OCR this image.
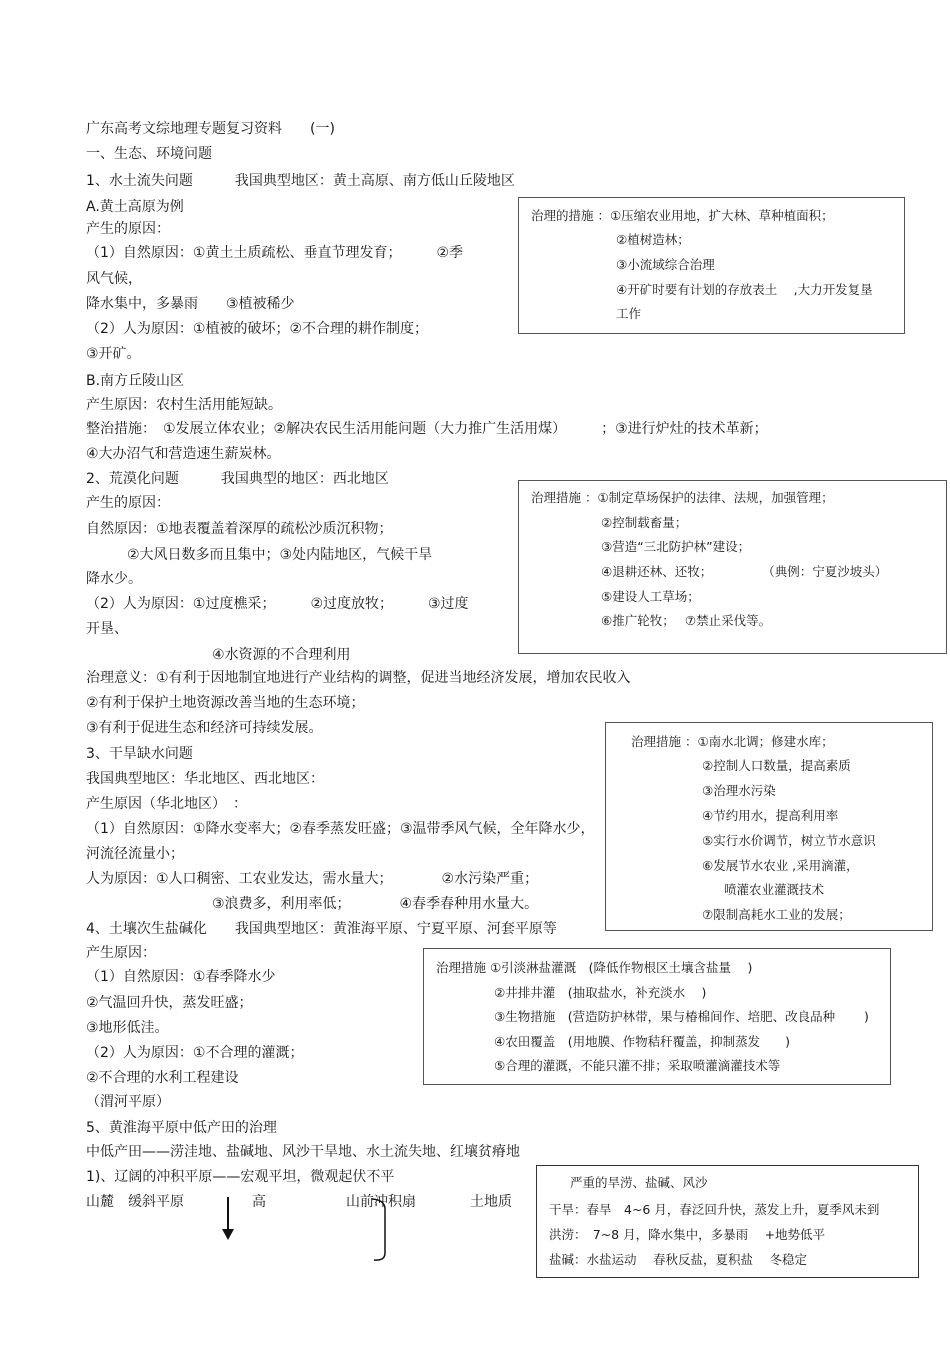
广东高考文综地理专题复习资料　　(一)
一、生态、环境问题
1、水土流失问题　　　我国典型地区：黄土高原、南方低山丘陵地区
A.黄土高原为例
产生的原因：
（1）自然原因：①黄土土质疏松、垂直节理发育；　　　②季
风气候，
降水集中，多暴雨　　③植被稀少
（2）人为原因：①植被的破坏；②不合理的耕作制度；
③开矿。
B.南方丘陵山区
产生原因：农村生活用能短缺。
整治措施：　①发展立体农业；②解决农民生活用能问题（大力推广生活用煤）　　　；③进行炉灶的技术革新；
④大办沼气和营造速生薪炭林。
治理的措施 ：①压缩农业用地，扩大林、草种植面积；
②植树造林；
③小流域综合治理
④开矿时要有计划的存放表土　 ,大力开发复垦
工作
2、荒漠化问题　　　我国典型的地区：西北地区
产生的原因：
自然原因：①地表覆盖着深厚的疏松沙质沉积物；
②大风日数多而且集中；③处内陆地区，气候干旱
降水少。
（2）人为原因：①过度樵采；　　　②过度放牧；　　　③过度
开垦、
④水资源的不合理利用
治理意义：①有利于因地制宜地进行产业结构的调整，促进当地经济发展，增加农民收入
②有利于保护土地资源改善当地的生态环境；
③有利于促进生态和经济可持续发展。
治理措施 ：①制定草场保护的法律、法规，加强管理；
②控制载畜量；
③营造“三北防护林”建设；
④退耕还林、还牧；　　　　　（典例：宁夏沙坡头）
⑤建设人工草场；
⑥推广轮牧；　 ⑦禁止采伐等。
3、干旱缺水问题
我国典型地区：华北地区、西北地区：
产生原因（华北地区）　：
（1）自然原因：①降水变率大；②春季蒸发旺盛；③温带季风气候，全年降水少，
河流径流量小；
人为原因：①人口稠密、工农业发达，需水量大；　　　　②水污染严重；
③浪费多，利用率低；　　　　④春季春种用水量大。
治理措施 ：①南水北调；修建水库；
②控制人口数量，提高素质
③治理水污染
④节约用水，提高利用率
⑤实行水价调节，树立节水意识
⑥发展节水农业 ,采用滴灌，
喷灌农业灌溉技术
⑦限制高耗水工业的发展；
4、土壤次生盐碱化　　我国典型地区：黄淮海平原、宁夏平原、河套平原等
产生原因：
（1）自然原因：①春季降水少
②气温回升快，蒸发旺盛；
③地形低洼。
（2）人为原因：①不合理的灌溉；
②不合理的水利工程建设
（渭河平原）
治理措施 ①引淡淋盐灌溉　(降低作物根区土壤含盐量　 )
②井排井灌　(抽取盐水，补充淡水　 )
③生物措施　(营造防护林带，果与椿棉间作、培肥、改良品种　　 )
④农田覆盖　(用地膜、作物秸秆覆盖，抑制蒸发　　)
⑤合理的灌溉，不能只灌不排；采取喷灌滴灌技术等
5、黄淮海平原中低产田的治理
中低产田——涝洼地、盐碱地、风沙干旱地、水土流失地、红壤贫瘠地
1)、辽阔的冲积平原——宏观平坦，微观起伏不平
山麓　缓斜平原	高	山前冲积扇	土地质
严重的旱涝、盐碱、风沙
干旱：春旱　4~6 月，春泛回升快，蒸发上升，夏季风未到
洪涝：　7~8 月，降水集中，多暴雨　 +地势低平
盐碱：水盐运动　 春秋反盐，夏积盐　 冬稳定
